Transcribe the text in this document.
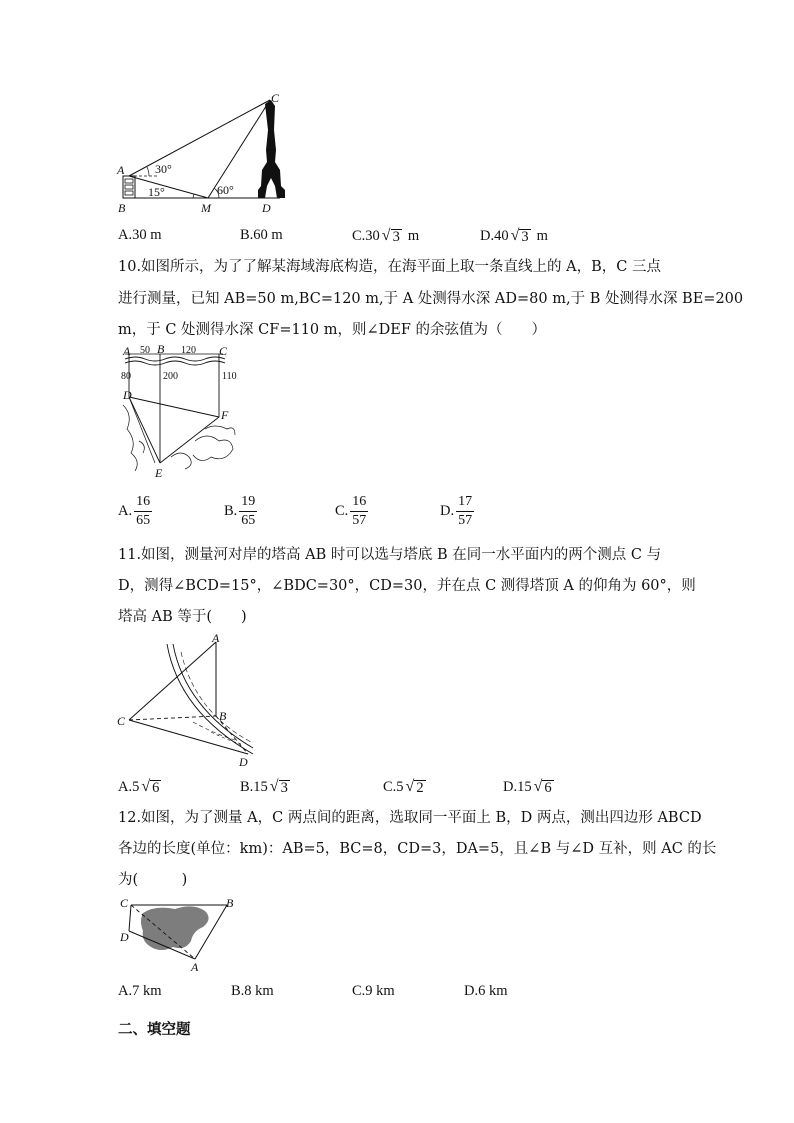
C
A
B	M	D
30°
15°	60°
A. 30 m	B. 60 m	C. 30 √ 3 m	D. 40 √ 3 m
10.如图所示，为了了解某海域海底构造，在海平面上取一条直线上的 A，B，C 三点
进行测量，已知 AB=50 m,BC=120 m,于 A 处测得水深 AD=80 m,于 B 处测得水深 BE=200
m，于 C 处测得水深 CF=110 m，则∠DEF 的余弦值为（　　）
A B	C
D
E
F
50	120
80	200	110
A. $\frac{16}{65}$	B. $\frac{19}{65}$	C. $\frac{16}{57}$	D. $\frac{17}{57}$
11.如图，测量河对岸的塔高 AB 时可以选与塔底 B 在同一水平面内的两个测点 C 与
D，测得∠BCD=15°，∠BDC=30°，CD=30，并在点 C 测得塔顶 A 的仰角为 60°，则
塔高 AB 等于(　　)
A
B
C
D
A. 5 √ 6	B. 15 √ 3	C. 5 √ 2	D. 15 √ 6
12.如图，为了测量 A，C 两点间的距离，选取同一平面上 B，D 两点，测出四边形 ABCD
各边的长度(单位：km)：AB=5，BC=8，CD=3，DA=5，且∠B 与∠D 互补，则 AC 的长
为(　　　)
C	B
D
A
A. 7 km	B. 8 km	C. 9 km	D. 6 km
二、填空题
